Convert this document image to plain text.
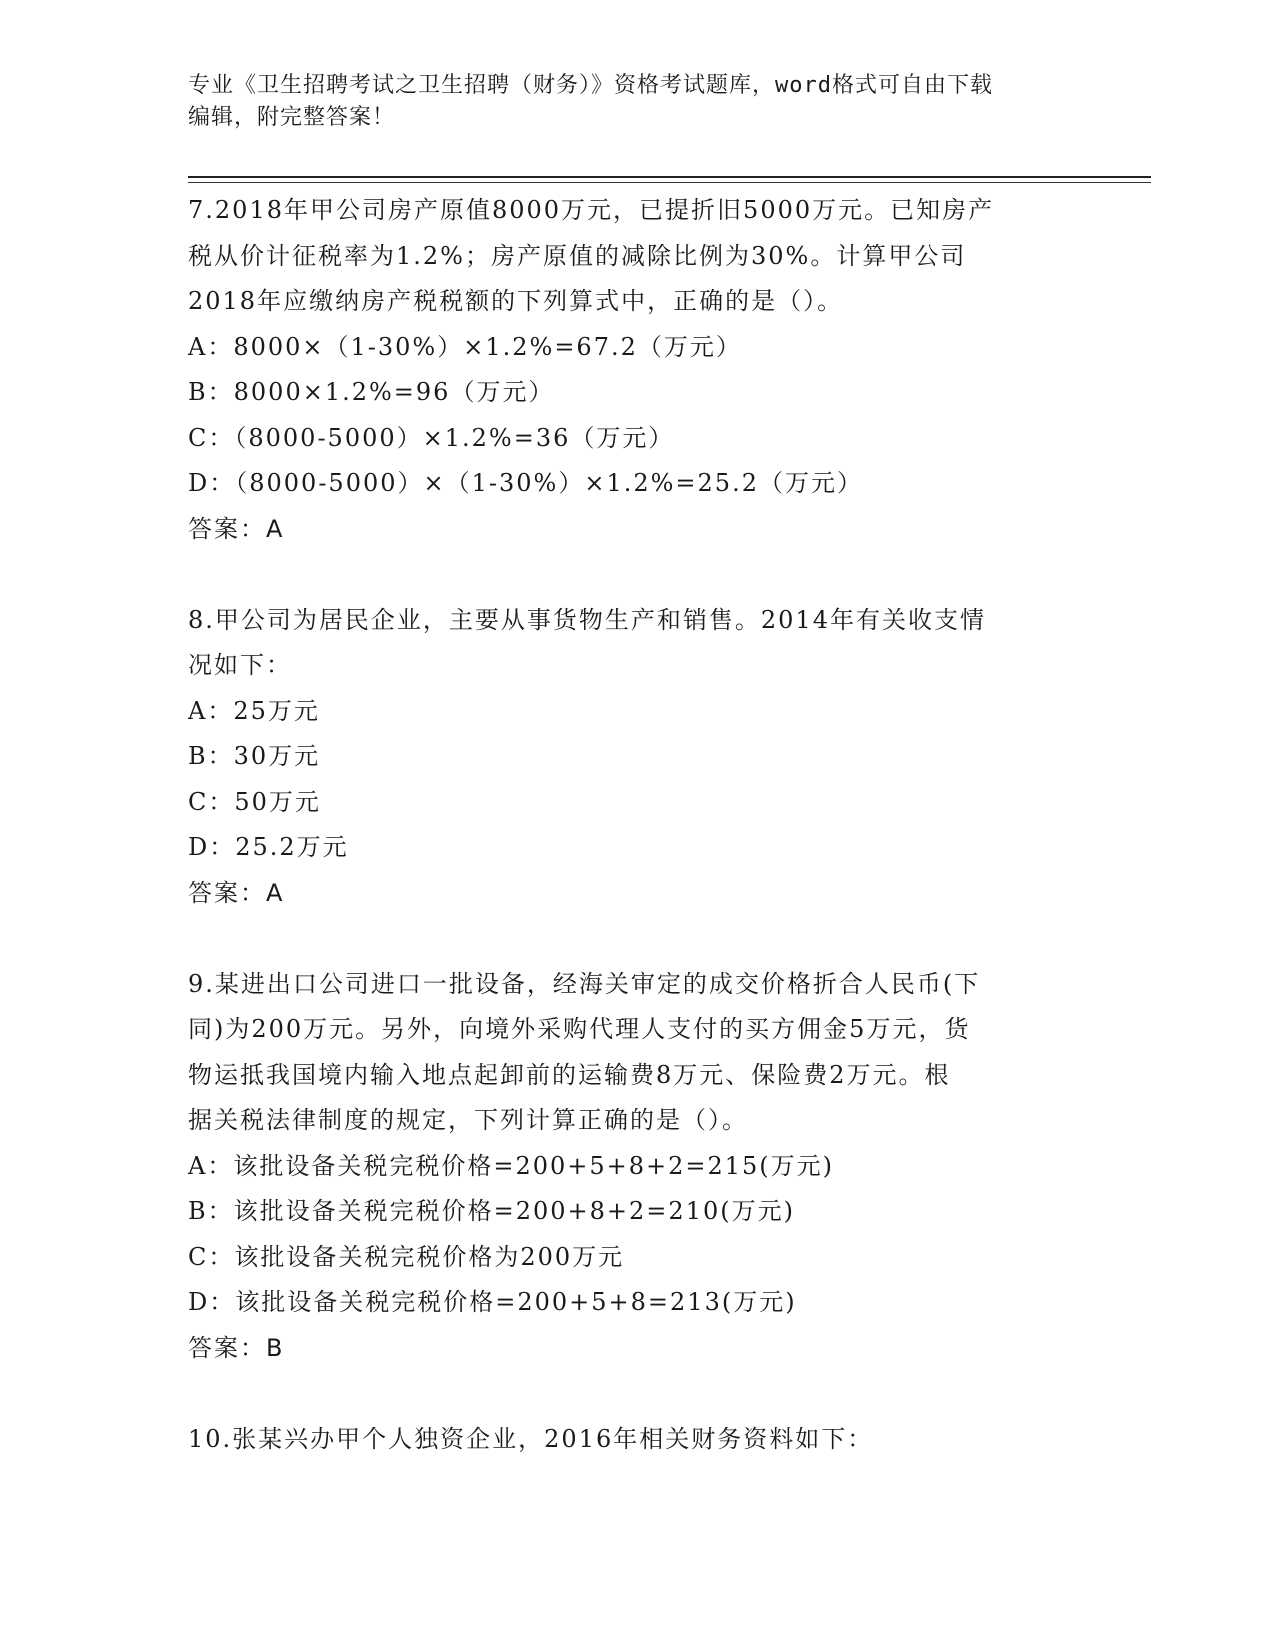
专业《卫生招聘考试之卫生招聘（财务）》资格考试题库，word格式可自由下载
编辑，附完整答案！

7.2018年甲公司房产原值8000万元，已提折旧5000万元。已知房产

税从价计征税率为1.2%；房产原值的减除比例为30%。计算甲公司

2018年应缴纳房产税税额的下列算式中，正确的是（）。

A：8000×（1-30%）×1.2%=67.2（万元）

B：8000×1.2%=96（万元）

C：（8000-5000）×1.2%=36（万元）

D：（8000-5000）×（1-30%）×1.2%=25.2（万元）

答案：A

8.甲公司为居民企业，主要从事货物生产和销售。2014年有关收支情

况如下：

A：25万元

B：30万元

C：50万元

D：25.2万元

答案：A

9.某进出口公司进口一批设备，经海关审定的成交价格折合人民币(下

同)为200万元。另外，向境外采购代理人支付的买方佣金5万元，货

物运抵我国境内输入地点起卸前的运输费8万元、保险费2万元。根

据关税法律制度的规定，下列计算正确的是（）。

A：该批设备关税完税价格=200+5+8+2=215(万元)

B：该批设备关税完税价格=200+8+2=210(万元)

C：该批设备关税完税价格为200万元

D：该批设备关税完税价格=200+5+8=213(万元)

答案：B

10.张某兴办甲个人独资企业，2016年相关财务资料如下：
